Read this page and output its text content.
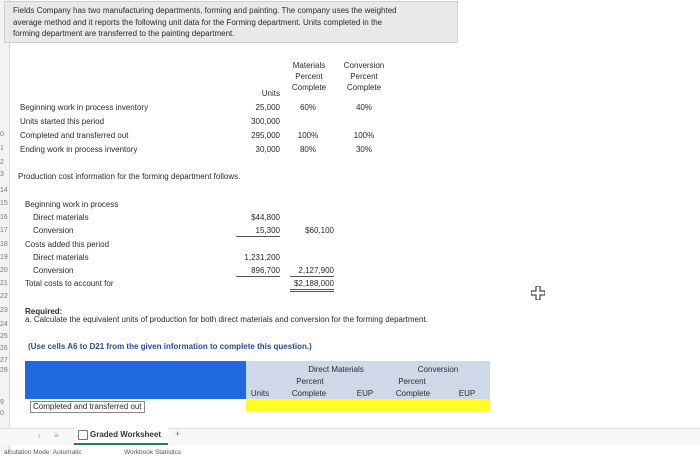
0
1
2
3
14
15
16
17
18
19
20
21
22
23
24
25
26
27
28
9
0
Fields Company has two manufacturing departments, forming and painting. The company uses the weighted
average method and it reports the following unit data for the Forming department. Units completed in the
forming department are transferred to the painting department.
Materials
Percent
Complete
Conversion
Percent
Complete
Units
Beginning work in process inventory	25,000	60%	40%
Units started this period	300,000
Completed and transferred out	295,000	100%	100%
Ending work in process inventory	30,000	80%	30%
Production cost information for the forming department follows.
Beginning work in process
Direct materials	$44,800
Conversion	15,300	$60,100
Costs added this period
Direct materials	1,231,200
Conversion	896,700	2,127,900
Total costs to account for	$2,188,000
Required:
a. Calculate the equivalent units of production for both direct materials and conversion for the forming department.
(Use cells A6 to D21 from the given information to complete this question.)
Direct Materials	Conversion
Percent	Percent
Units	Complete	EUP	Complete	EUP
Completed and transferred out
› ≡	Graded Worksheet +
alculation Mode: Automatic	Workbook Statistics
